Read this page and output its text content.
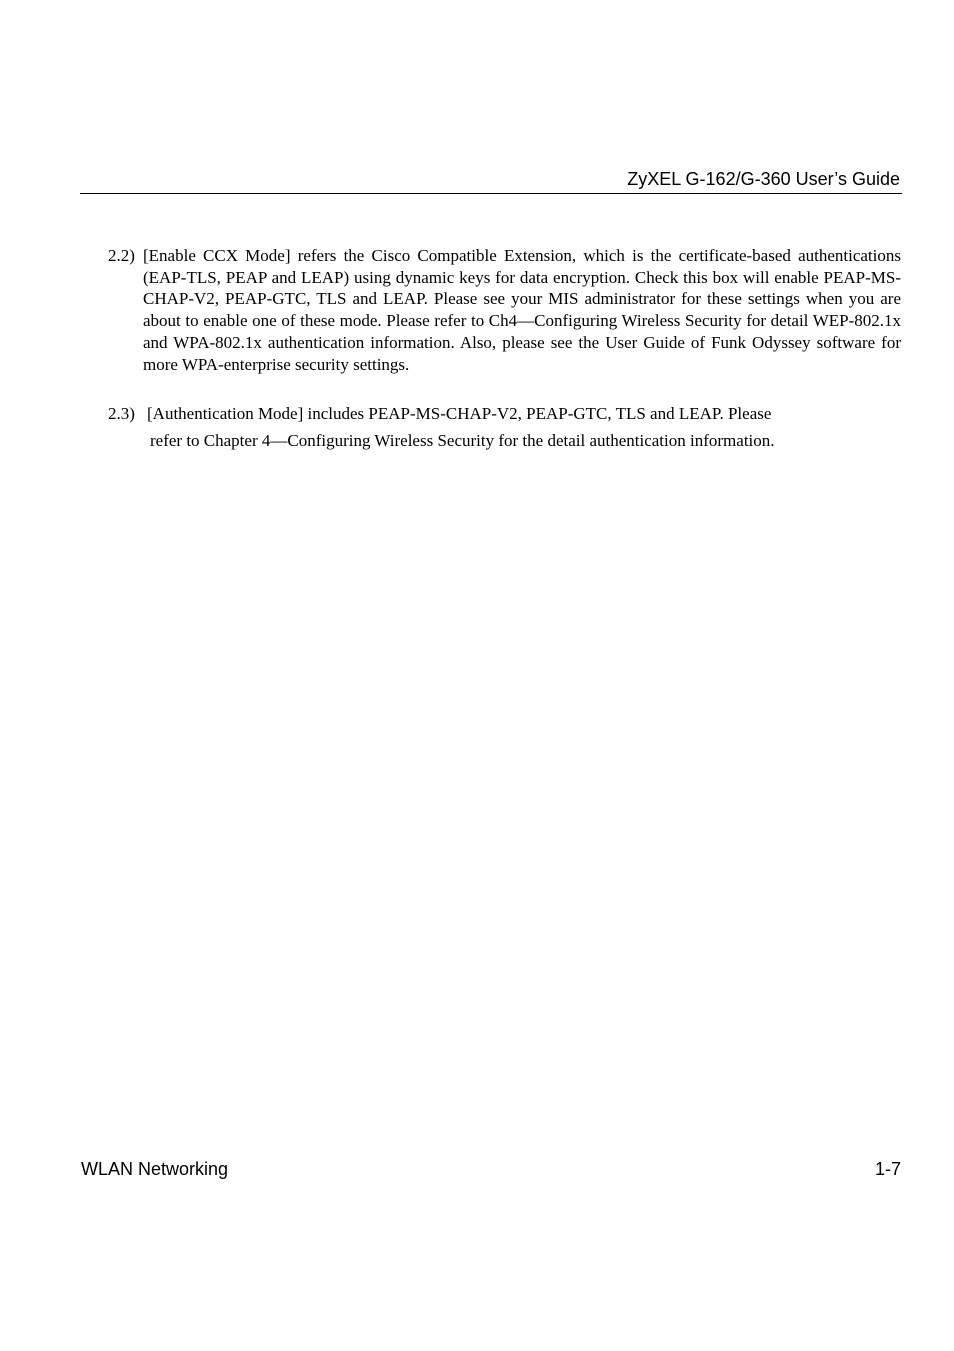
ZyXEL G-162/G-360 User’s Guide
2.2) [Enable CCX Mode] refers the Cisco Compatible Extension, which is the certificate-based authentications (EAP-TLS, PEAP and LEAP) using dynamic keys for data encryption. Check this box will enable PEAP-MS-CHAP-V2, PEAP-GTC, TLS and LEAP. Please see your MIS administrator for these settings when you are about to enable one of these mode. Please refer to Ch4—Configuring Wireless Security for detail WEP-802.1x and WPA-802.1x authentication information. Also, please see the User Guide of Funk Odyssey software for more WPA-enterprise security settings.
2.3) [Authentication Mode] includes PEAP-MS-CHAP-V2, PEAP-GTC, TLS and LEAP. Please
refer to Chapter 4—Configuring Wireless Security for the detail authentication information.
WLAN Networking	1-7
